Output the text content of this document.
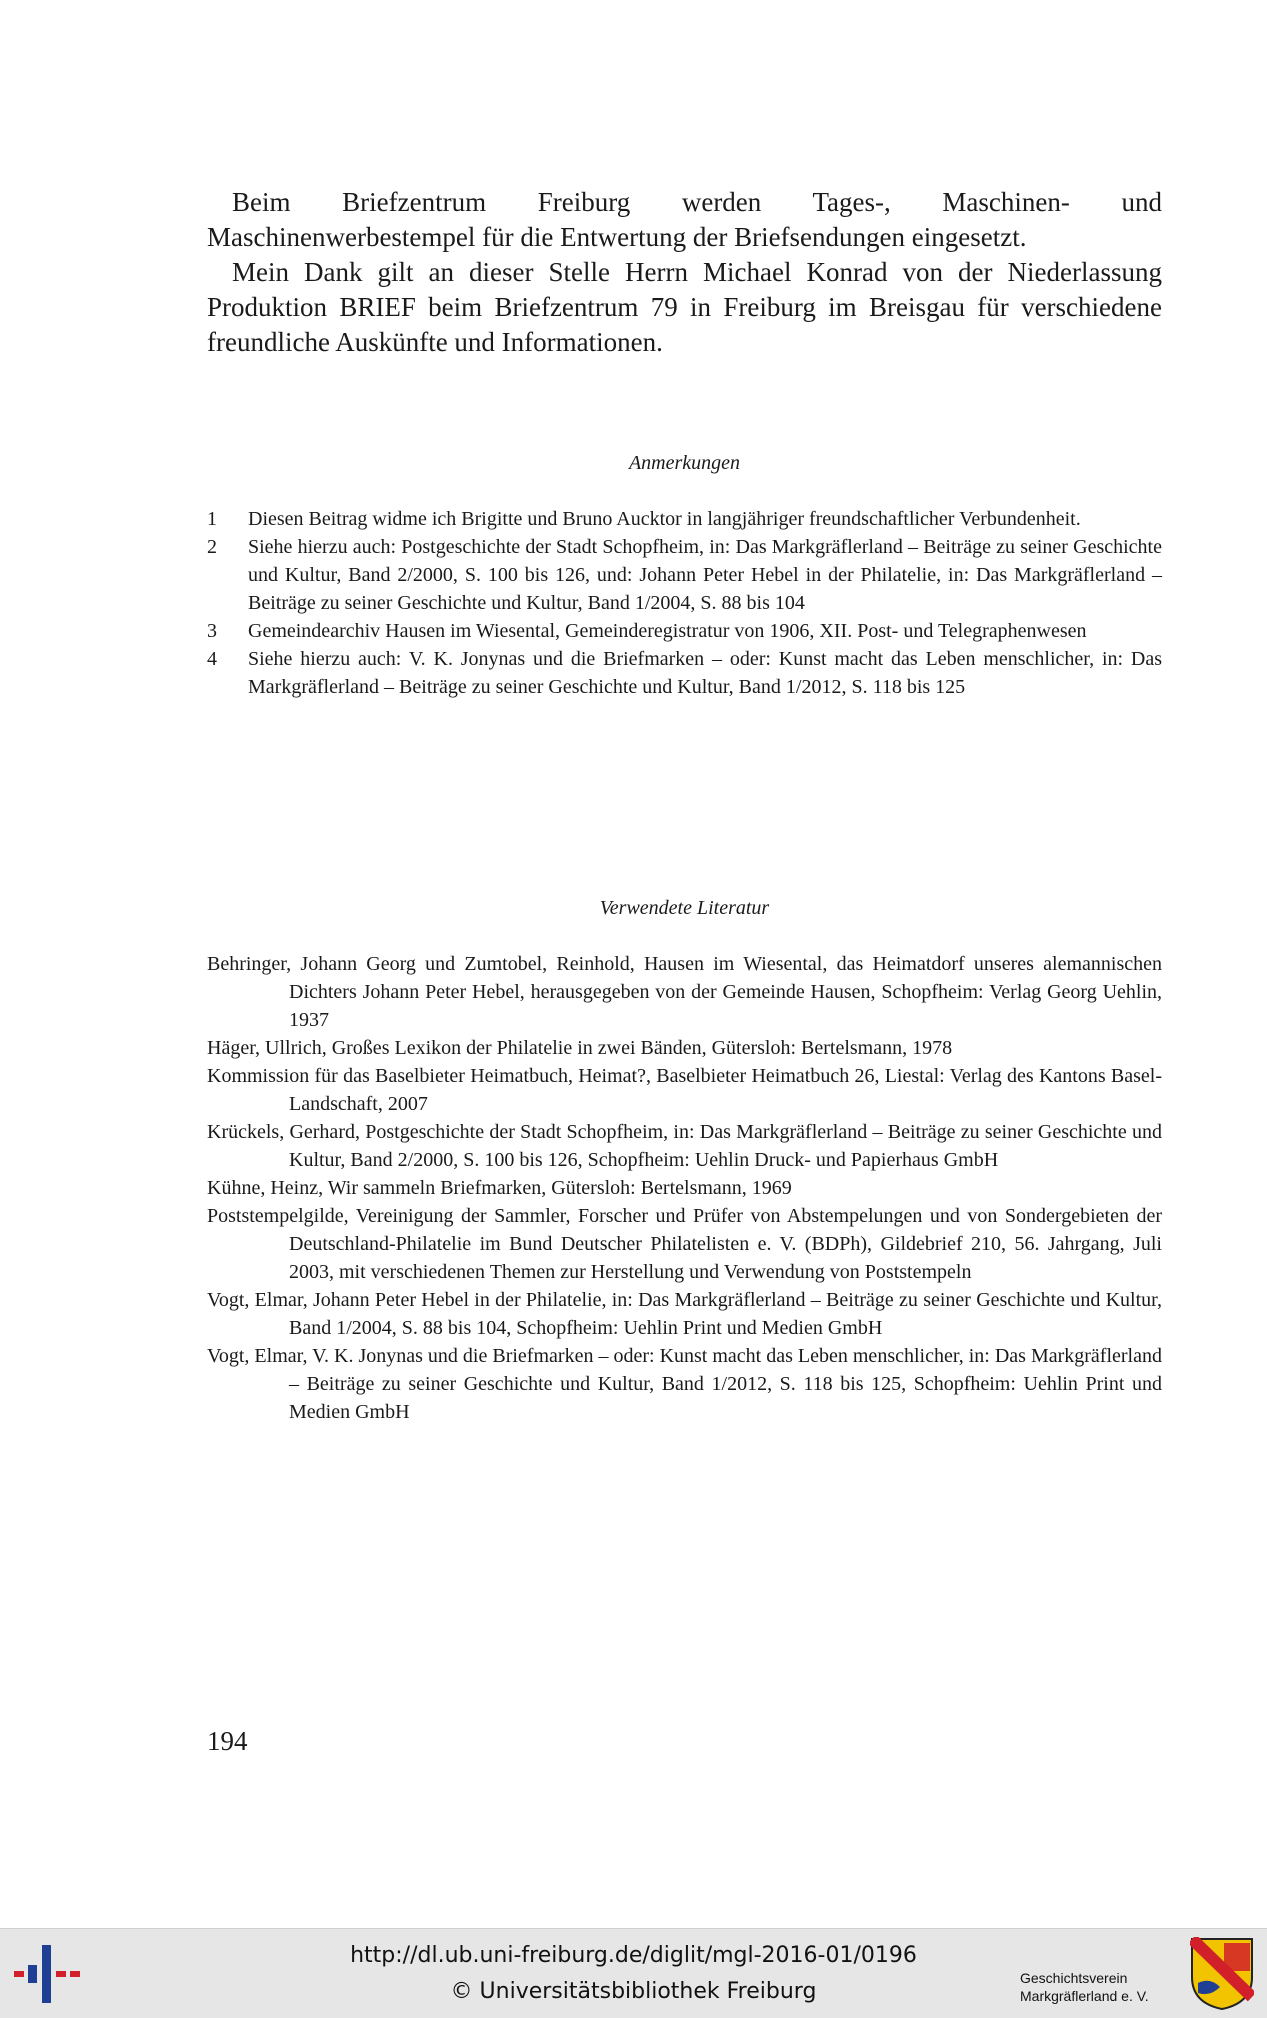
Beim Briefzentrum Freiburg werden Tages-, Maschinen- und Maschinenwerbestempel für die Entwertung der Briefsendungen eingesetzt.

Mein Dank gilt an dieser Stelle Herrn Michael Konrad von der Niederlassung Produktion BRIEF beim Briefzentrum 79 in Freiburg im Breisgau für verschiedene freundliche Auskünfte und Informationen.

Anmerkungen
1 Diesen Beitrag widme ich Brigitte und Bruno Aucktor in langjähriger freundschaftlicher Verbundenheit.
2 Siehe hierzu auch: Postgeschichte der Stadt Schopfheim, in: Das Markgräflerland – Beiträge zu seiner Geschichte und Kultur, Band 2/2000, S. 100 bis 126, und: Johann Peter Hebel in der Philatelie, in: Das Markgräflerland – Beiträge zu seiner Geschichte und Kultur, Band 1/2004, S. 88 bis 104
3 Gemeindearchiv Hausen im Wiesental, Gemeinderegistratur von 1906, XII. Post- und Telegraphenwesen
4 Siehe hierzu auch: V. K. Jonynas und die Briefmarken – oder: Kunst macht das Leben menschlicher, in: Das Markgräflerland – Beiträge zu seiner Geschichte und Kultur, Band 1/2012, S. 118 bis 125
Verwendete Literatur

Behringer, Johann Georg und Zumtobel, Reinhold, Hausen im Wiesental, das Heimatdorf unseres alemannischen Dichters Johann Peter Hebel, herausgegeben von der Gemeinde Hausen, Schopfheim: Verlag Georg Uehlin, 1937

Häger, Ullrich, Großes Lexikon der Philatelie in zwei Bänden, Gütersloh: Bertelsmann, 1978

Kommission für das Baselbieter Heimatbuch, Heimat?, Baselbieter Heimatbuch 26, Liestal: Verlag des Kantons Basel-Landschaft, 2007

Krückels, Gerhard, Postgeschichte der Stadt Schopfheim, in: Das Markgräflerland – Beiträge zu seiner Geschichte und Kultur, Band 2/2000, S. 100 bis 126, Schopfheim: Uehlin Druck- und Papierhaus GmbH

Kühne, Heinz, Wir sammeln Briefmarken, Gütersloh: Bertelsmann, 1969

Poststempelgilde, Vereinigung der Sammler, Forscher und Prüfer von Abstempelungen und von Sondergebieten der Deutschland-Philatelie im Bund Deutscher Philatelisten e. V. (BDPh), Gildebrief 210, 56. Jahrgang, Juli 2003, mit verschiedenen Themen zur Herstellung und Verwendung von Poststempeln

Vogt, Elmar, Johann Peter Hebel in der Philatelie, in: Das Markgräflerland – Beiträge zu seiner Geschichte und Kultur, Band 1/2004, S. 88 bis 104, Schopfheim: Uehlin Print und Medien GmbH

Vogt, Elmar, V. K. Jonynas und die Briefmarken – oder: Kunst macht das Leben menschlicher, in: Das Markgräflerland – Beiträge zu seiner Geschichte und Kultur, Band 1/2012, S. 118 bis 125, Schopfheim: Uehlin Print und Medien GmbH

194
http://dl.ub.uni-freiburg.de/diglit/mgl-2016-01/0196
© Universitätsbibliothek Freiburg
Geschichtsverein
Markgräflerland e. V.
